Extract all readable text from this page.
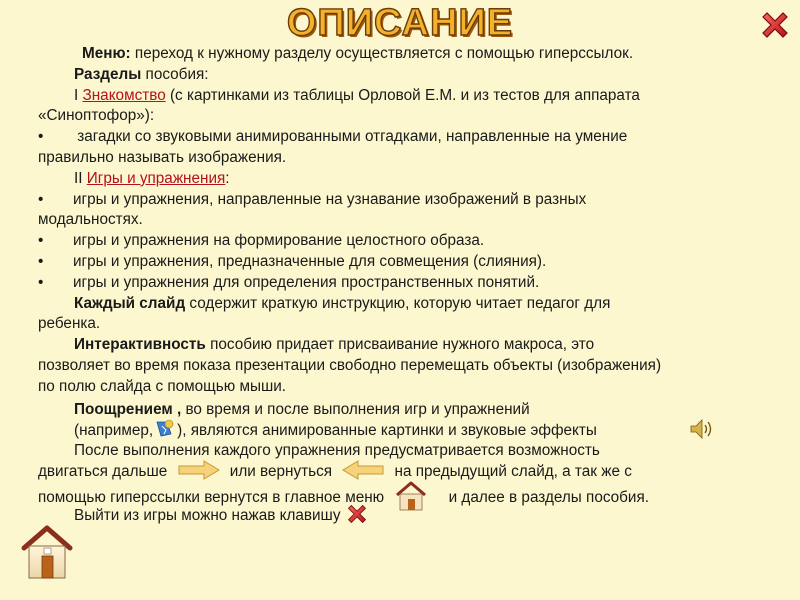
ОПИСАНИЕ
Меню: переход к нужному разделу осуществляется с помощью гиперссылок.
Разделы пособия:
I Знакомство (с картинками из таблицы Орловой Е.М. и из тестов для аппарата
«Синоптофор»):
• загадки со звуковыми анимированными отгадками, направленные на умение
правильно называть изображения.
II Игры и упражнения:
• игры и упражнения, направленные на узнавание изображений в разных
модальностях.
• игры и упражнения на формирование целостного образа.
• игры и упражнения, предназначенные для совмещения (слияния).
• игры и упражнения для определения пространственных понятий.
Каждый слайд содержит краткую инструкцию, которую читает педагог для
ребенка.
Интерактивность пособию придает присваивание нужного макроса, это
позволяет во время показа презентации свободно перемещать объекты (изображения)
по полю слайда с помощью мыши.
Поощрением , во время и после выполнения игр и упражнений
(например, ), являются анимированные картинки и звуковые эффекты
После выполнения каждого упражнения предусматривается возможность
двигаться дальше	или вернуться	на предыдущий слайд, а так же с
помощью гиперссылки вернутся в главное меню	и далее в разделы пособия.
Выйти из игры можно нажав клавишу
